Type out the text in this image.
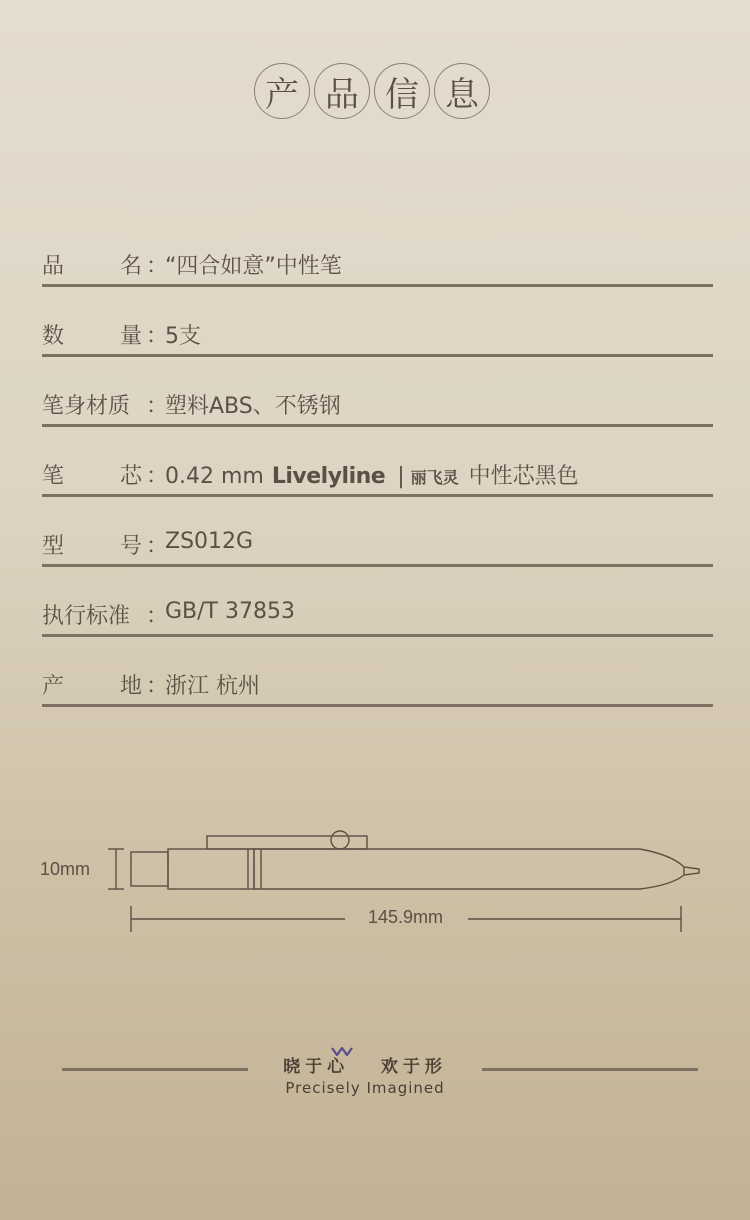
产 品 信 息
品	名 ：
“四合如意”中性笔
数	量 ：
5支
笔身材质 ：
塑料ABS、不锈钢
笔	芯 ：
0.42 mm Livelyline | 丽飞灵 中性芯黑色
型	号 ：
ZS012G
执行标准 ：
GB/T 37853
产	地 ：
浙江 杭州
10mm
145.9mm
晓于心 欢于形
Precisely Imagined
